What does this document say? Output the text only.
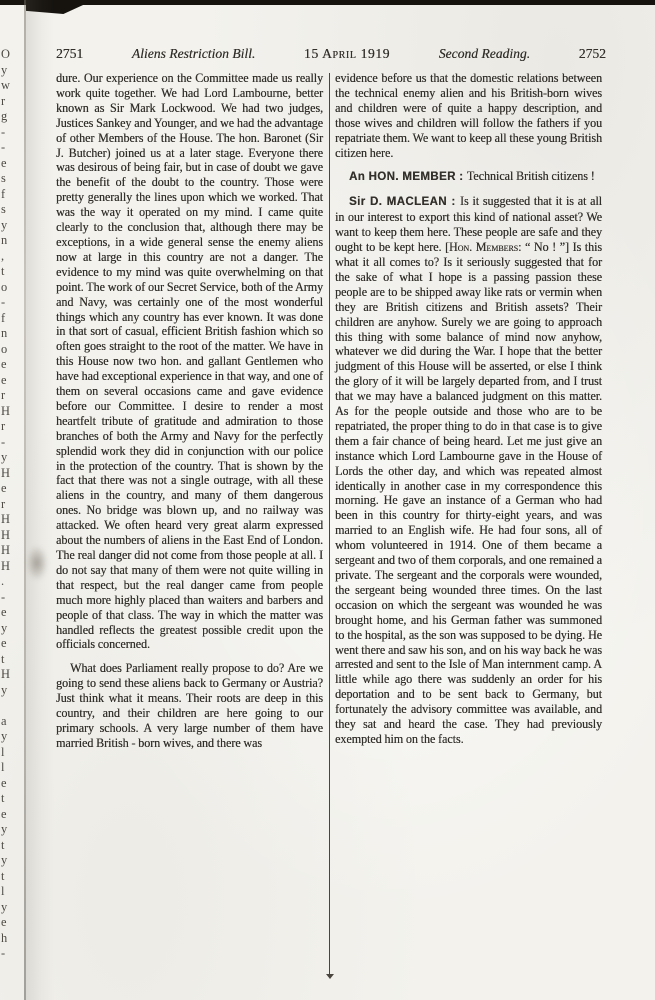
O
y
w
r
g
-
-
e
s
f
s
y
n
,
t
o
-
f
n
o
e
e
r
H
r
-
y
H
e
r
H
H
H
H
.
-
e
y
e
t
H
y
a
y
l
l
e
t
e
y
t
y
t
l
y
e
h
-
2751	Aliens Restriction Bill.	15 April 1919	Second Reading.	2752

dure. Our experience on the Committee made us really work quite together. We had Lord Lambourne, better known as Sir Mark Lockwood. We had two judges, Justices Sankey and Younger, and we had the advantage of other Members of the House. The hon. Baronet (Sir J. Butcher) joined us at a later stage. Everyone there was desirous of being fair, but in case of doubt we gave the benefit of the doubt to the country. Those were pretty generally the lines upon which we worked. That was the way it operated on my mind. I came quite clearly to the conclusion that, although there may be exceptions, in a wide general sense the enemy aliens now at large in this country are not a danger. The evidence to my mind was quite overwhelming on that point. The work of our Secret Service, both of the Army and Navy, was certainly one of the most wonderful things which any country has ever known. It was done in that sort of casual, efficient British fashion which so often goes straight to the root of the matter. We have in this House now two hon. and gallant Gentlemen who have had exceptional experience in that way, and one of them on several occasions came and gave evidence before our Committee. I desire to render a most heartfelt tribute of gratitude and admiration to those branches of both the Army and Navy for the perfectly splendid work they did in conjunction with our police in the protection of the country. That is shown by the fact that there was not a single outrage, with all these aliens in the country, and many of them dangerous ones. No bridge was blown up, and no railway was attacked. We often heard very great alarm expressed about the numbers of aliens in the East End of London. The real danger did not come from those people at all. I do not say that many of them were not quite willing in that respect, but the real danger came from people much more highly placed than waiters and barbers and people of that class. The way in which the matter was handled reflects the greatest possible credit upon the officials concerned.

What does Parliament really propose to do? Are we going to send these aliens back to Germany or Austria? Just think what it means. Their roots are deep in this country, and their children are here going to our primary schools. A very large number of them have married British - born wives, and there was

evidence before us that the domestic relations between the technical enemy alien and his British-born wives and children were of quite a happy description, and those wives and children will follow the fathers if you repatriate them. We want to keep all these young British citizen here.

An HON. MEMBER : Technical British citizens !

Sir D. MACLEAN : Is it suggested that it is at all in our interest to export this kind of national asset? We want to keep them here. These people are safe and they ought to be kept here. [Hon. Members: “ No ! ”] Is this what it all comes to? Is it seriously suggested that for the sake of what I hope is a passing passion these people are to be shipped away like rats or vermin when they are British citizens and British assets? Their children are anyhow. Surely we are going to approach this thing with some balance of mind now anyhow, whatever we did during the War. I hope that the better judgment of this House will be asserted, or else I think the glory of it will be largely departed from, and I trust that we may have a balanced judgment on this matter. As for the people outside and those who are to be repatriated, the proper thing to do in that case is to give them a fair chance of being heard. Let me just give an instance which Lord Lambourne gave in the House of Lords the other day, and which was repeated almost identically in another case in my correspondence this morning. He gave an instance of a German who had been in this country for thirty-eight years, and was married to an English wife. He had four sons, all of whom volunteered in 1914. One of them became a sergeant and two of them corporals, and one remained a private. The sergeant and the corporals were wounded, the sergeant being wounded three times. On the last occasion on which the sergeant was wounded he was brought home, and his German father was summoned to the hospital, as the son was supposed to be dying. He went there and saw his son, and on his way back he was arrested and sent to the Isle of Man internment camp. A little while ago there was suddenly an order for his deportation and to be sent back to Germany, but fortunately the advisory committee was available, and they sat and heard the case. They had previously exempted him on the facts.
